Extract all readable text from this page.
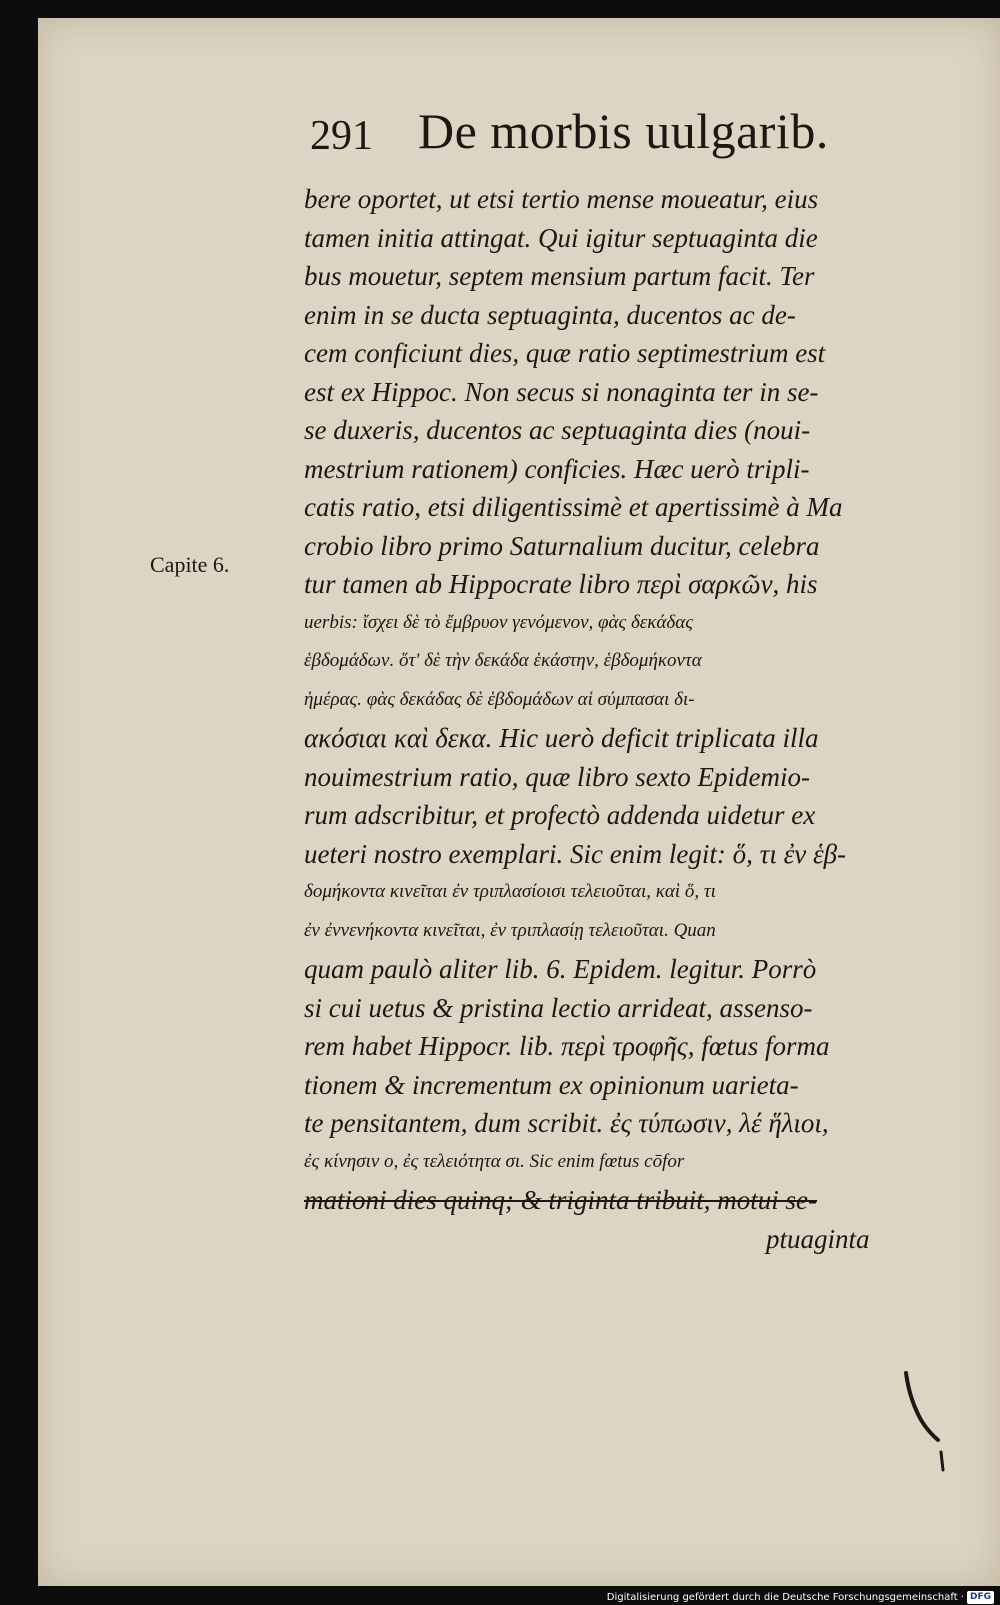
291 De morbis uulgarib.
Capite 6.
bere oportet, ut etsi tertio mense moueatur, eius
tamen initia attingat. Qui igitur septuaginta die
bus mouetur, septem mensium partum facit. Ter
enim in se ducta septuaginta, ducentos ac de-
cem conficiunt dies, quæ ratio septimestrium est
est ex Hippoc. Non secus si nonaginta ter in se-
se duxeris, ducentos ac septuaginta dies (noui-
mestrium rationem) conficies. Hæc uerò tripli-
catis ratio, etsi diligentissimè et apertissimè à Ma
crobio libro primo Saturnalium ducitur, celebra
tur tamen ab Hippocrate libro περὶ σαρκῶν, his
uerbis: ἴσχει δὲ τὸ ἔμβρυον γενόμενον, φὰς δεκάδας
ἑβδομάδων. ὅτ' δὲ τὴν δεκάδα ἑκάστην, ἑβδομήκοντα
ἡμέρας. φὰς δεκάδας δὲ ἑβδομάδων αἱ σύμπασαι δι-
ακόσιαι καὶ δεκα. Hic uerò deficit triplicata illa
nouimestrium ratio, quæ libro sexto Epidemio-
rum adscribitur, et profectò addenda uidetur ex
ueteri nostro exemplari. Sic enim legit: ὅ, τι ἐν ἑβ-
δομήκοντα κινεῖται ἐν τριπλασίοισι τελειοῦται, καὶ ὅ, τι
ἐν ἐννενήκοντα κινεῖται, ἐν τριπλασίῃ τελειοῦται. Quan
quam paulò aliter lib. 6. Epidem. legitur. Porrò
si cui uetus & pristina lectio arrideat, assenso-
rem habet Hippocr. lib. περὶ τροφῆς, fœtus forma
tionem & incrementum ex opinionum uarieta-
te pensitantem, dum scribit. ἐς τύπωσιν, λέ ἥλιοι,
ἐς κίνησιν ο, ἐς τελειότητα σι. Sic enim fœtus cōfor
mationi dies quinq; & triginta tribuit, motui se-
ptuaginta
Digitalisierung gefördert durch die Deutsche Forschungsgemeinschaft · DFG
